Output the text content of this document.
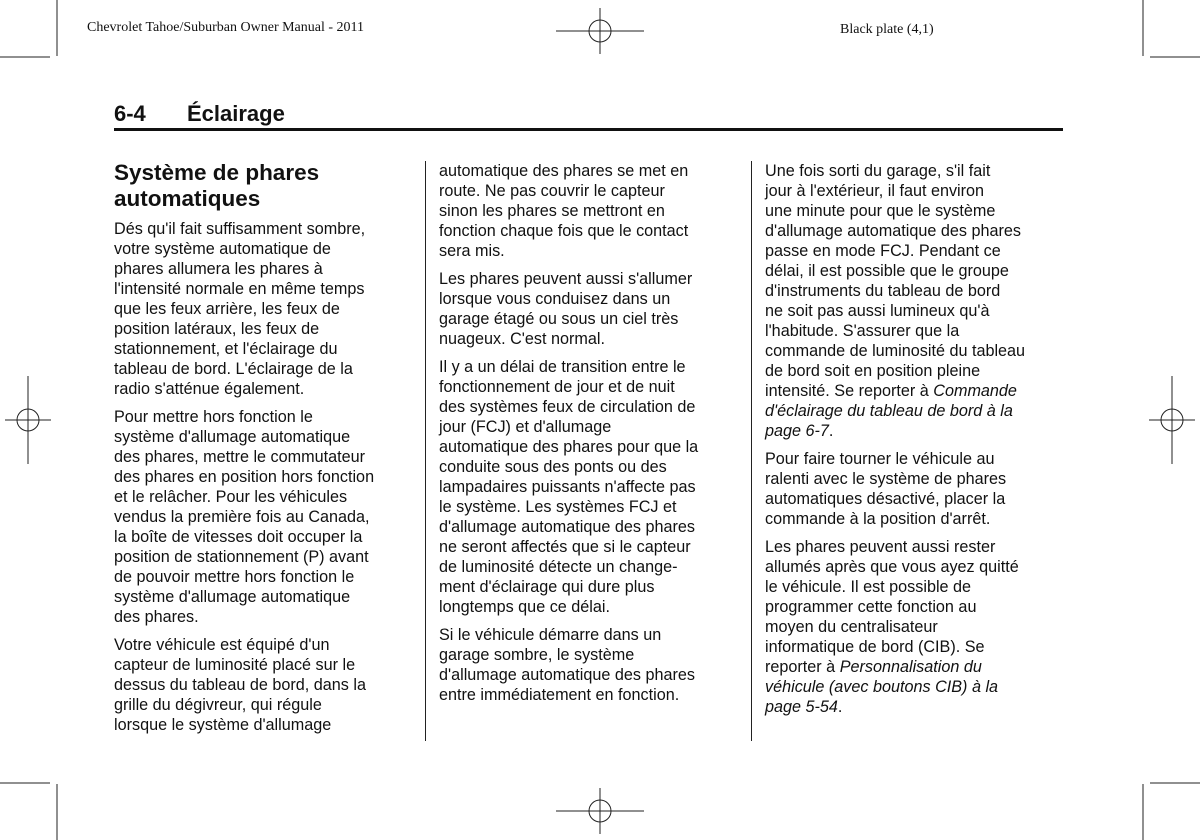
Chevrolet Tahoe/Suburban Owner Manual - 2011	Black plate (4,1)
6-4 Éclairage
Système de phares
automatiques
Dés qu'il fait suffisamment sombre,
votre système automatique de
phares allumera les phares à
l'intensité normale en même temps
que les feux arrière, les feux de
position latéraux, les feux de
stationnement, et l'éclairage du
tableau de bord. L'éclairage de la
radio s'atténue également.
Pour mettre hors fonction le
système d'allumage automatique
des phares, mettre le commutateur
des phares en position hors fonction
et le relâcher. Pour les véhicules
vendus la première fois au Canada,
la boîte de vitesses doit occuper la
position de stationnement (P) avant
de pouvoir mettre hors fonction le
système d'allumage automatique
des phares.
Votre véhicule est équipé d'un
capteur de luminosité placé sur le
dessus du tableau de bord, dans la
grille du dégivreur, qui régule
lorsque le système d'allumage
automatique des phares se met en
route. Ne pas couvrir le capteur
sinon les phares se mettront en
fonction chaque fois que le contact
sera mis.
Les phares peuvent aussi s'allumer
lorsque vous conduisez dans un
garage étagé ou sous un ciel très
nuageux. C'est normal.
Il y a un délai de transition entre le
fonctionnement de jour et de nuit
des systèmes feux de circulation de
jour (FCJ) et d'allumage
automatique des phares pour que la
conduite sous des ponts ou des
lampadaires puissants n'affecte pas
le système. Les systèmes FCJ et
d'allumage automatique des phares
ne seront affectés que si le capteur
de luminosité détecte un change-
ment d'éclairage qui dure plus
longtemps que ce délai.
Si le véhicule démarre dans un
garage sombre, le système
d'allumage automatique des phares
entre immédiatement en fonction.
Une fois sorti du garage, s'il fait
jour à l'extérieur, il faut environ
une minute pour que le système
d'allumage automatique des phares
passe en mode FCJ. Pendant ce
délai, il est possible que le groupe
d'instruments du tableau de bord
ne soit pas aussi lumineux qu'à
l'habitude. S'assurer que la
commande de luminosité du tableau
de bord soit en position pleine
intensité. Se reporter à Commande
d'éclairage du tableau de bord à la
page 6-7.
Pour faire tourner le véhicule au
ralenti avec le système de phares
automatiques désactivé, placer la
commande à la position d'arrêt.
Les phares peuvent aussi rester
allumés après que vous ayez quitté
le véhicule. Il est possible de
programmer cette fonction au
moyen du centralisateur
informatique de bord (CIB). Se
reporter à Personnalisation du
véhicule (avec boutons CIB) à la
page 5-54.
